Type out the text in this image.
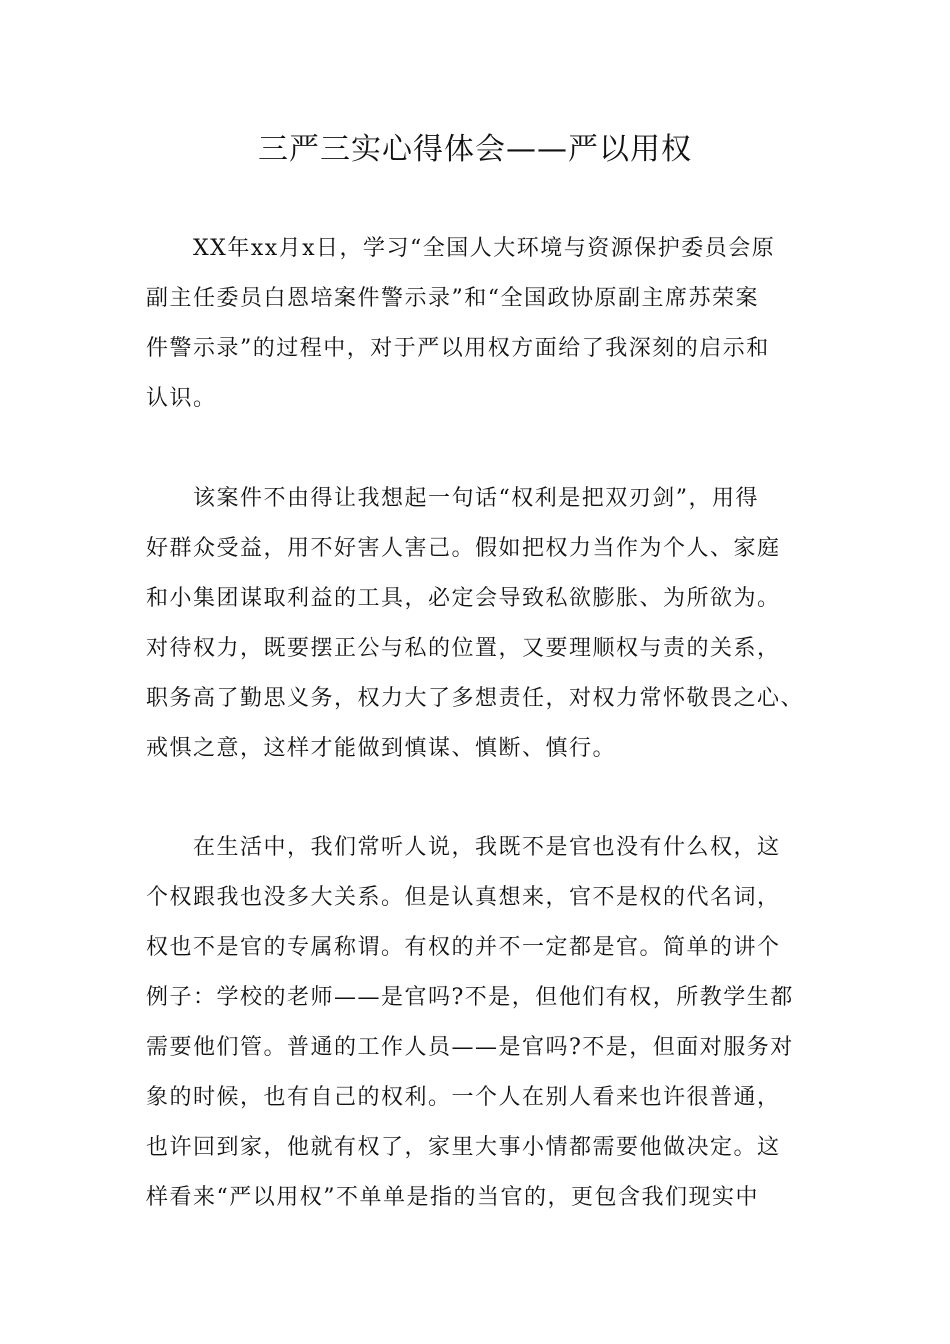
三严三实心得体会——严以用权
XX年xx月x日，学习“全国人大环境与资源保护委员会原
副主任委员白恩培案件警示录”和“全国政协原副主席苏荣案
件警示录”的过程中，对于严以用权方面给了我深刻的启示和
认识。
该案件不由得让我想起一句话“权利是把双刃剑”，用得
好群众受益，用不好害人害己。假如把权力当作为个人、家庭
和小集团谋取利益的工具，必定会导致私欲膨胀、为所欲为。
对待权力，既要摆正公与私的位置，又要理顺权与责的关系，
职务高了勤思义务，权力大了多想责任，对权力常怀敬畏之心、
戒惧之意，这样才能做到慎谋、慎断、慎行。
在生活中，我们常听人说，我既不是官也没有什么权，这
个权跟我也没多大关系。但是认真想来，官不是权的代名词，
权也不是官的专属称谓。有权的并不一定都是官。简单的讲个
例子：学校的老师——是官吗?不是，但他们有权，所教学生都
需要他们管。普通的工作人员——是官吗?不是，但面对服务对
象的时候，也有自己的权利。一个人在别人看来也许很普通，
也许回到家，他就有权了，家里大事小情都需要他做决定。这
样看来“严以用权”不单单是指的当官的，更包含我们现实中
